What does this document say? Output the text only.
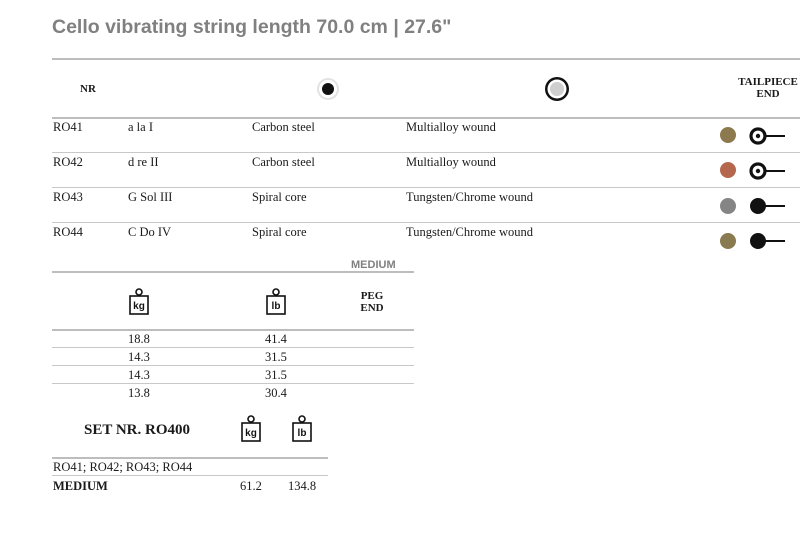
Cello vibrating string length 70.0 cm | 27.6"
NR
TAILPIECE
END
RO41	a la I	Carbon steel	Multialloy wound
RO42	d re II	Carbon steel	Multialloy wound
RO43	G Sol III	Spiral core	Tungsten/Chrome wound
RO44	C Do IV	Spiral core	Tungsten/Chrome wound
MEDIUM
kg	lb
PEG
END
18.8	41.4
14.3	31.5
14.3	31.5
13.8	30.4
SET NR. RO400	kg	lb
RO41; RO42; RO43; RO44
MEDIUM	61.2 134.8
